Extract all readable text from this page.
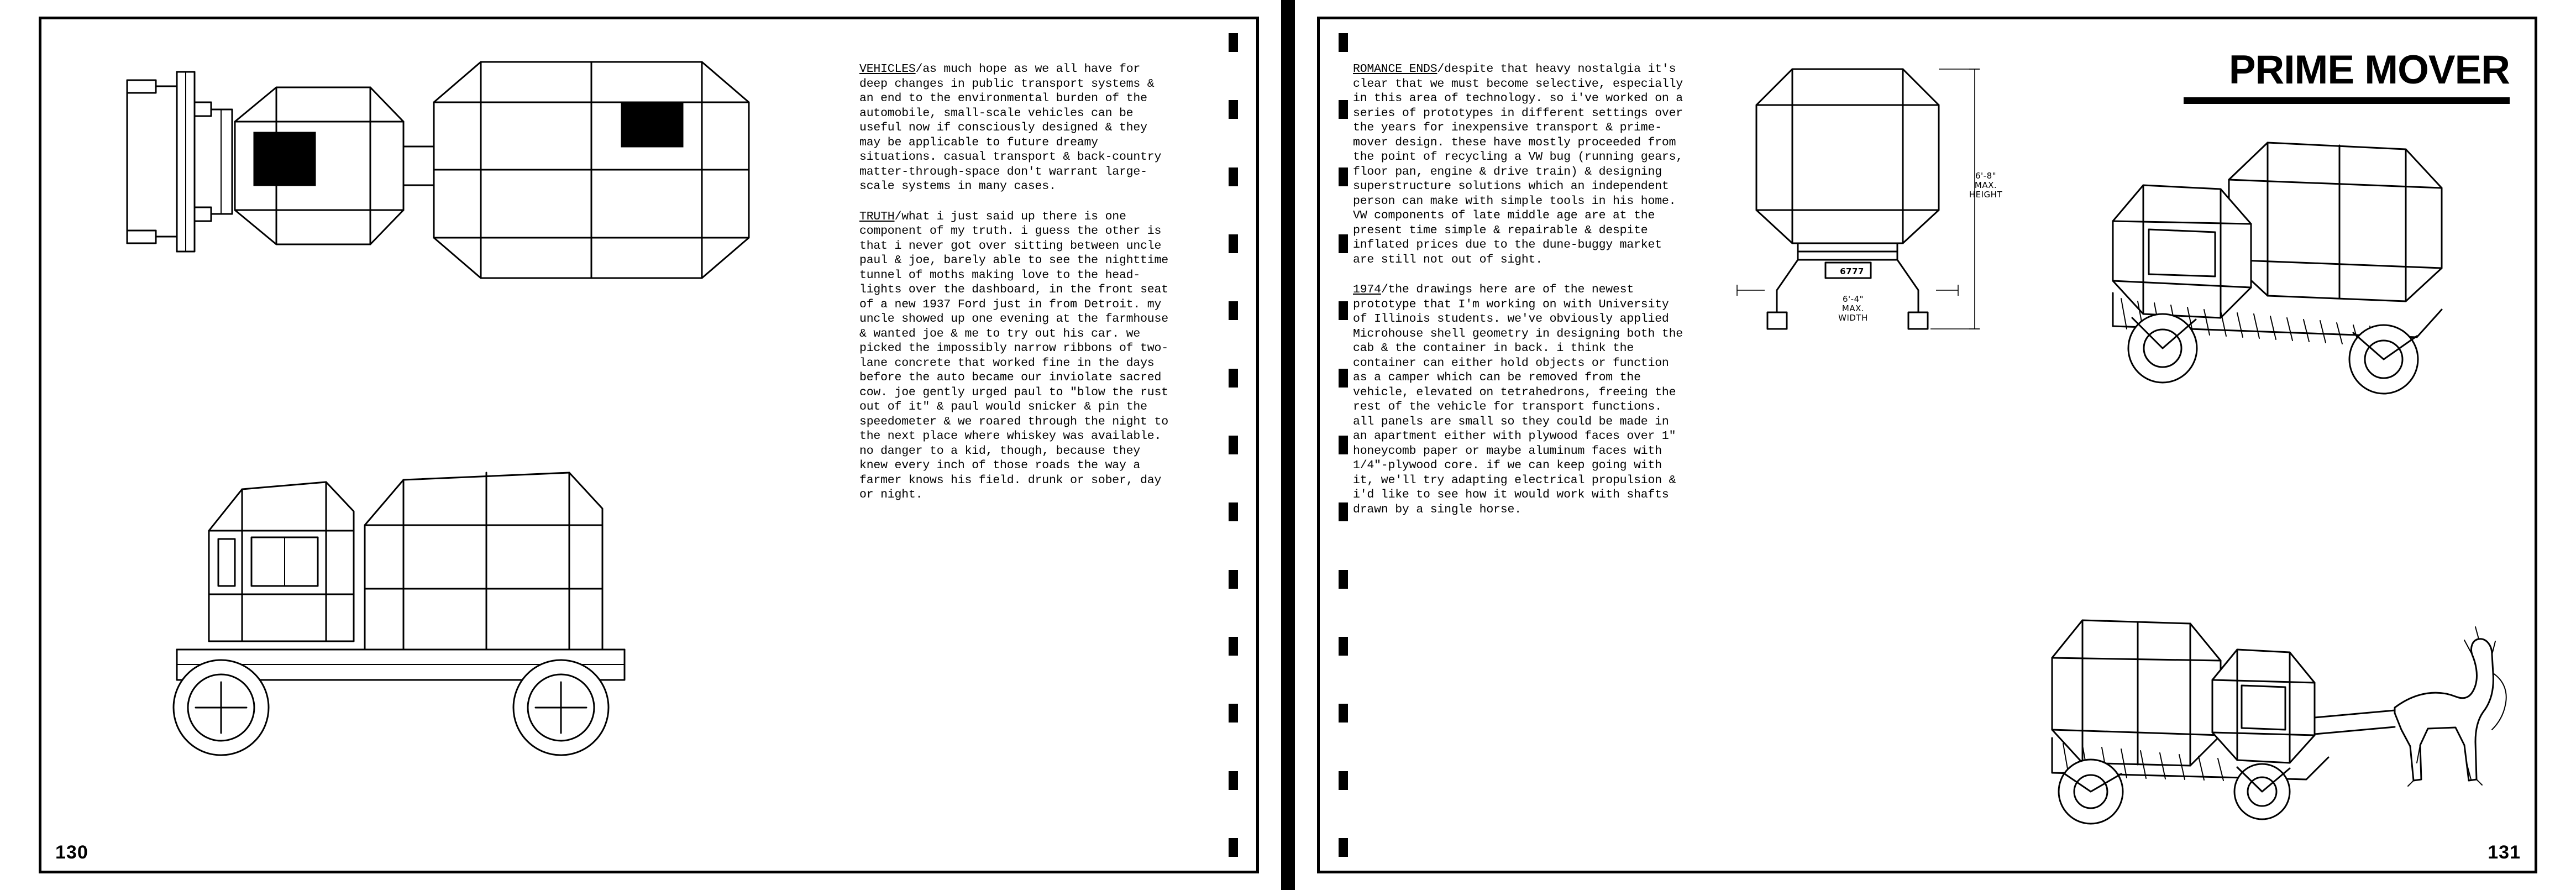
130

VEHICLES/as much hope as we all have for deep changes in public transport systems & an end to the environmental burden of the automobile, small-scale vehicles can be useful now if consciously designed & they may be applicable to future dreamy situations. casual transport & back-country matter-through-space don't warrant large-scale systems in many cases.

TRUTH/what i just said up there is one component of my truth. i guess the other is that i never got over sitting between uncle paul & joe, barely able to see the nighttime tunnel of moths making love to the head-lights over the dashboard, in the front seat of a new 1937 Ford just in from Detroit. my uncle showed up one evening at the farmhouse & wanted joe & me to try out his car. we picked the impossibly narrow ribbons of two-lane concrete that worked fine in the days before the auto became our inviolate sacred cow. joe gently urged paul to "blow the rust out of it" & paul would snicker & pin the speedometer & we roared through the night to the next place where whiskey was available. no danger to a kid, though, because they knew every inch of those roads the way a farmer knows his field. drunk or sober, day or night.

131
PRIME MOVER

ROMANCE ENDS/despite that heavy nostalgia it's clear that we must become selective, especially in this area of technology. so i've worked on a series of prototypes in different settings over the years for inexpensive transport & prime-mover design. these have mostly proceeded from the point of recycling a VW bug (running gears, floor pan, engine & drive train) & designing superstructure solutions which an independent person can make with simple tools in his home. VW components of late middle age are at the present time simple & repairable & despite inflated prices due to the dune-buggy market are still not out of sight.

1974/the drawings here are of the newest prototype that I'm working on with University of Illinois students. we've obviously applied Microhouse shell geometry in designing both the cab & the container in back. i think the container can either hold objects or function as a camper which can be removed from the vehicle, elevated on tetrahedrons, freeing the rest of the vehicle for transport functions. all panels are small so they could be made in an apartment either with plywood faces over 1" honeycomb paper or maybe aluminum faces with 1/4"-plywood core. if we can keep going with it, we'll try adapting electrical propulsion & i'd like to see how it would work with shafts drawn by a single horse.

6777
6'-8"
MAX.
HEIGHT
6'-4"
MAX.
WIDTH
